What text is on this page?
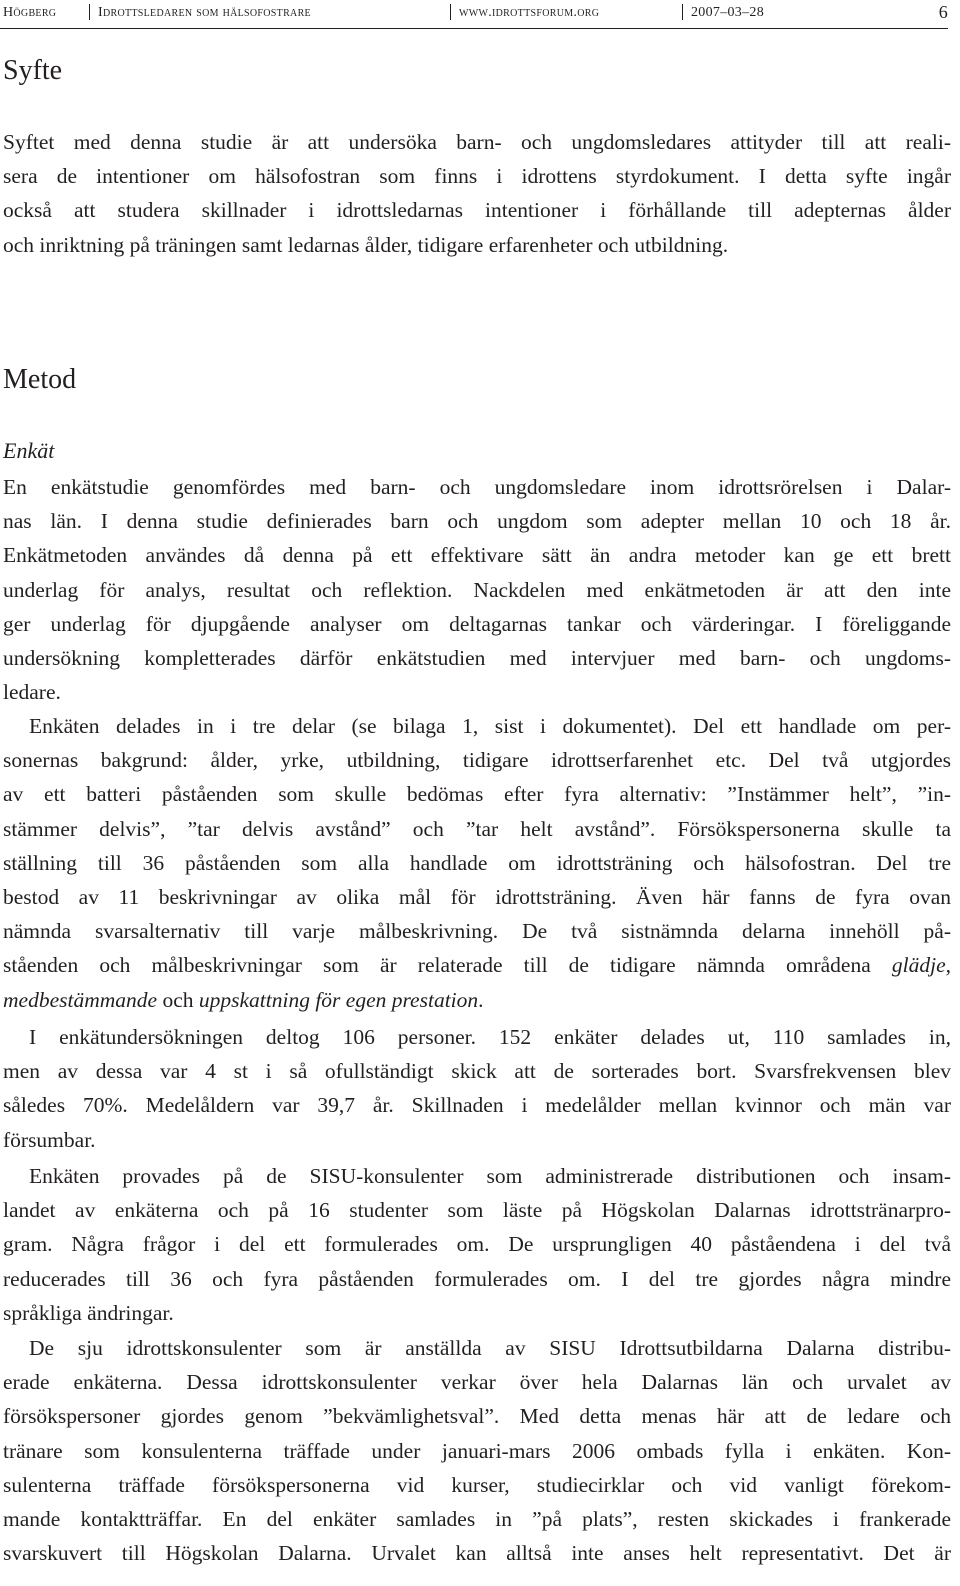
Högberg	Idrottsledaren som hälsofostrare	www.idrottsforum.org	2007–03–28	6
Syfte
Syftet med denna studie är att undersöka barn- och ungdomsledares attityder till att reali-
sera de intentioner om hälsofostran som finns i idrottens styrdokument. I detta syfte ingår
också att studera skillnader i idrottsledarnas intentioner i förhållande till adepternas ålder
och inriktning på träningen samt ledarnas ålder, tidigare erfarenheter och utbildning.
Metod
Enkät
En enkätstudie genomfördes med barn- och ungdomsledare inom idrottsrörelsen i Dalar-
nas län. I denna studie definierades barn och ungdom som adepter mellan 10 och 18 år.
Enkätmetoden användes då denna på ett effektivare sätt än andra metoder kan ge ett brett
underlag för analys, resultat och reflektion. Nackdelen med enkätmetoden är att den inte
ger underlag för djupgående analyser om deltagarnas tankar och värderingar. I föreliggande
undersökning kompletterades därför enkätstudien med intervjuer med barn- och ungdoms-
ledare.
Enkäten delades in i tre delar (se bilaga 1, sist i dokumentet). Del ett handlade om per-
sonernas bakgrund: ålder, yrke, utbildning, tidigare idrottserfarenhet etc. Del två utgjordes
av ett batteri påståenden som skulle bedömas efter fyra alternativ: ”Instämmer helt”, ”in-
stämmer delvis”, ”tar delvis avstånd” och ”tar helt avstånd”. Försökspersonerna skulle ta
ställning till 36 påståenden som alla handlade om idrottsträning och hälsofostran. Del tre
bestod av 11 beskrivningar av olika mål för idrottsträning. Även här fanns de fyra ovan
nämnda svarsalternativ till varje målbeskrivning. De två sistnämnda delarna innehöll på-
ståenden och målbeskrivningar som är relaterade till de tidigare nämnda områdena glädje,
medbestämmande och uppskattning för egen prestation.
I enkätundersökningen deltog 106 personer. 152 enkäter delades ut, 110 samlades in,
men av dessa var 4 st i så ofullständigt skick att de sorterades bort. Svarsfrekvensen blev
således 70%. Medelåldern var 39,7 år. Skillnaden i medelålder mellan kvinnor och män var
försumbar.
Enkäten provades på de SISU-konsulenter som administrerade distributionen och insam-
landet av enkäterna och på 16 studenter som läste på Högskolan Dalarnas idrottstränarpro-
gram. Några frågor i del ett formulerades om. De ursprungligen 40 påståendena i del två
reducerades till 36 och fyra påståenden formulerades om. I del tre gjordes några mindre
språkliga ändringar.
De sju idrottskonsulenter som är anställda av SISU Idrottsutbildarna Dalarna distribu-
erade enkäterna. Dessa idrottskonsulenter verkar över hela Dalarnas län och urvalet av
försökspersoner gjordes genom ”bekvämlighetsval”. Med detta menas här att de ledare och
tränare som konsulenterna träffade under januari-mars 2006 ombads fylla i enkäten. Kon-
sulenterna träffade försökspersonerna vid kurser, studiecirklar och vid vanligt förekom-
mande kontaktträffar. En del enkäter samlades in ”på plats”, resten skickades i frankerade
svarskuvert till Högskolan Dalarna. Urvalet kan alltså inte anses helt representativt. Det är
